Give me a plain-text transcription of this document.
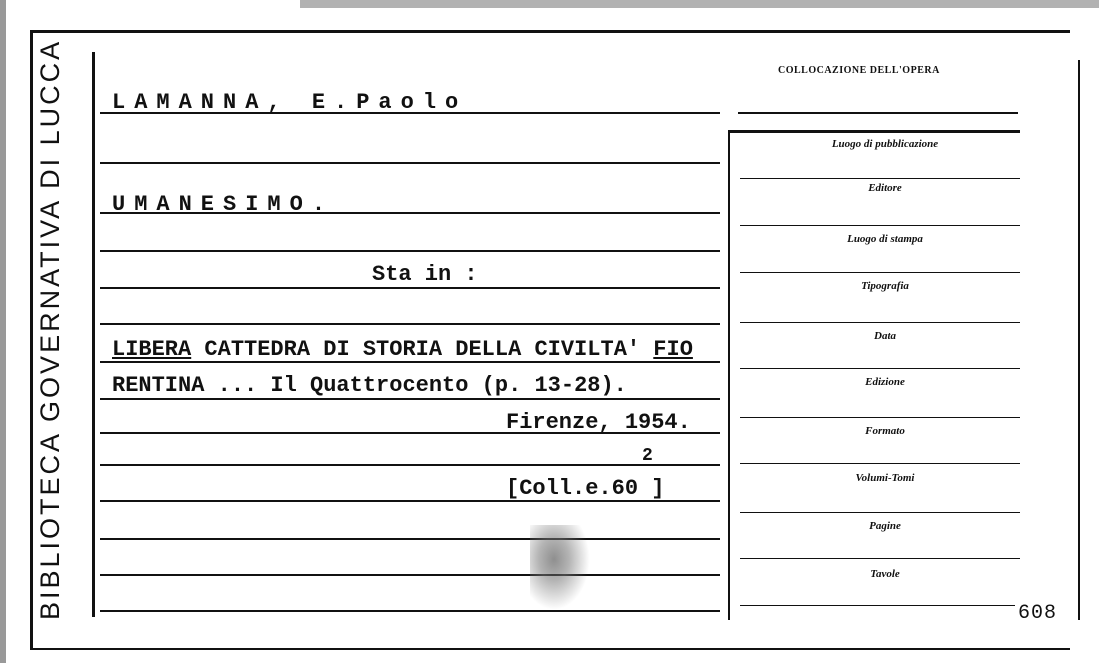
BIBLIOTECA GOVERNATIVA DI LUCCA LAMANNA, E.Paolo
UMANESIMO.
Sta in :
LIBERA CATTEDRA DI STORIA DELLA CIVILTA' FIO
RENTINA ... Il Quattrocento (p. 13-28).
Firenze, 1954.
2
[Coll.e.60 ]
COLLOCAZIONE DELL'OPERA
Luogo di pubblicazione
Editore
Luogo di stampa
Tipografia
Data
Edizione
Formato
Volumi-Tomi
Pagine
Tavole
608
